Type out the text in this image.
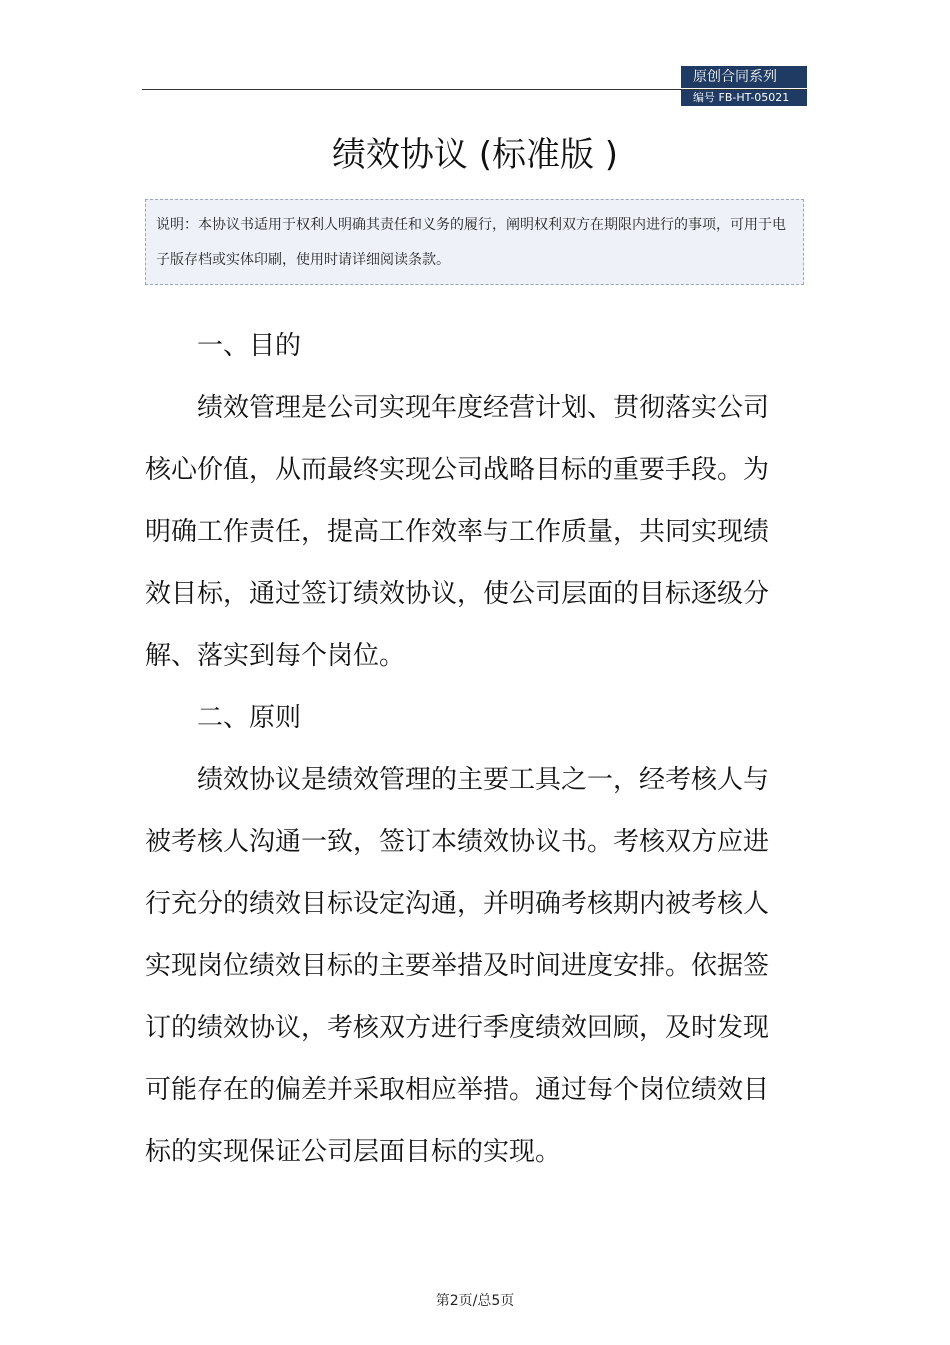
原创合同系列
编号 FB-HT-05021
绩效协议 (标准版 )
说明：本协议书适用于权利人明确其责任和义务的履行，阐明权利双方在期限内进行的事项，可用于电子版存档或实体印刷，使用时请详细阅读条款。

一、目的

绩效管理是公司实现年度经营计划、贯彻落实公司核心价值，从而最终实现公司战略目标的重要手段。为明确工作责任，提高工作效率与工作质量，共同实现绩效目标，通过签订绩效协议，使公司层面的目标逐级分解、落实到每个岗位。

二、原则

绩效协议是绩效管理的主要工具之一，经考核人与被考核人沟通一致，签订本绩效协议书。考核双方应进行充分的绩效目标设定沟通，并明确考核期内被考核人实现岗位绩效目标的主要举措及时间进度安排。依据签订的绩效协议，考核双方进行季度绩效回顾，及时发现可能存在的偏差并采取相应举措。通过每个岗位绩效目标的实现保证公司层面目标的实现。

第2页/总5页
